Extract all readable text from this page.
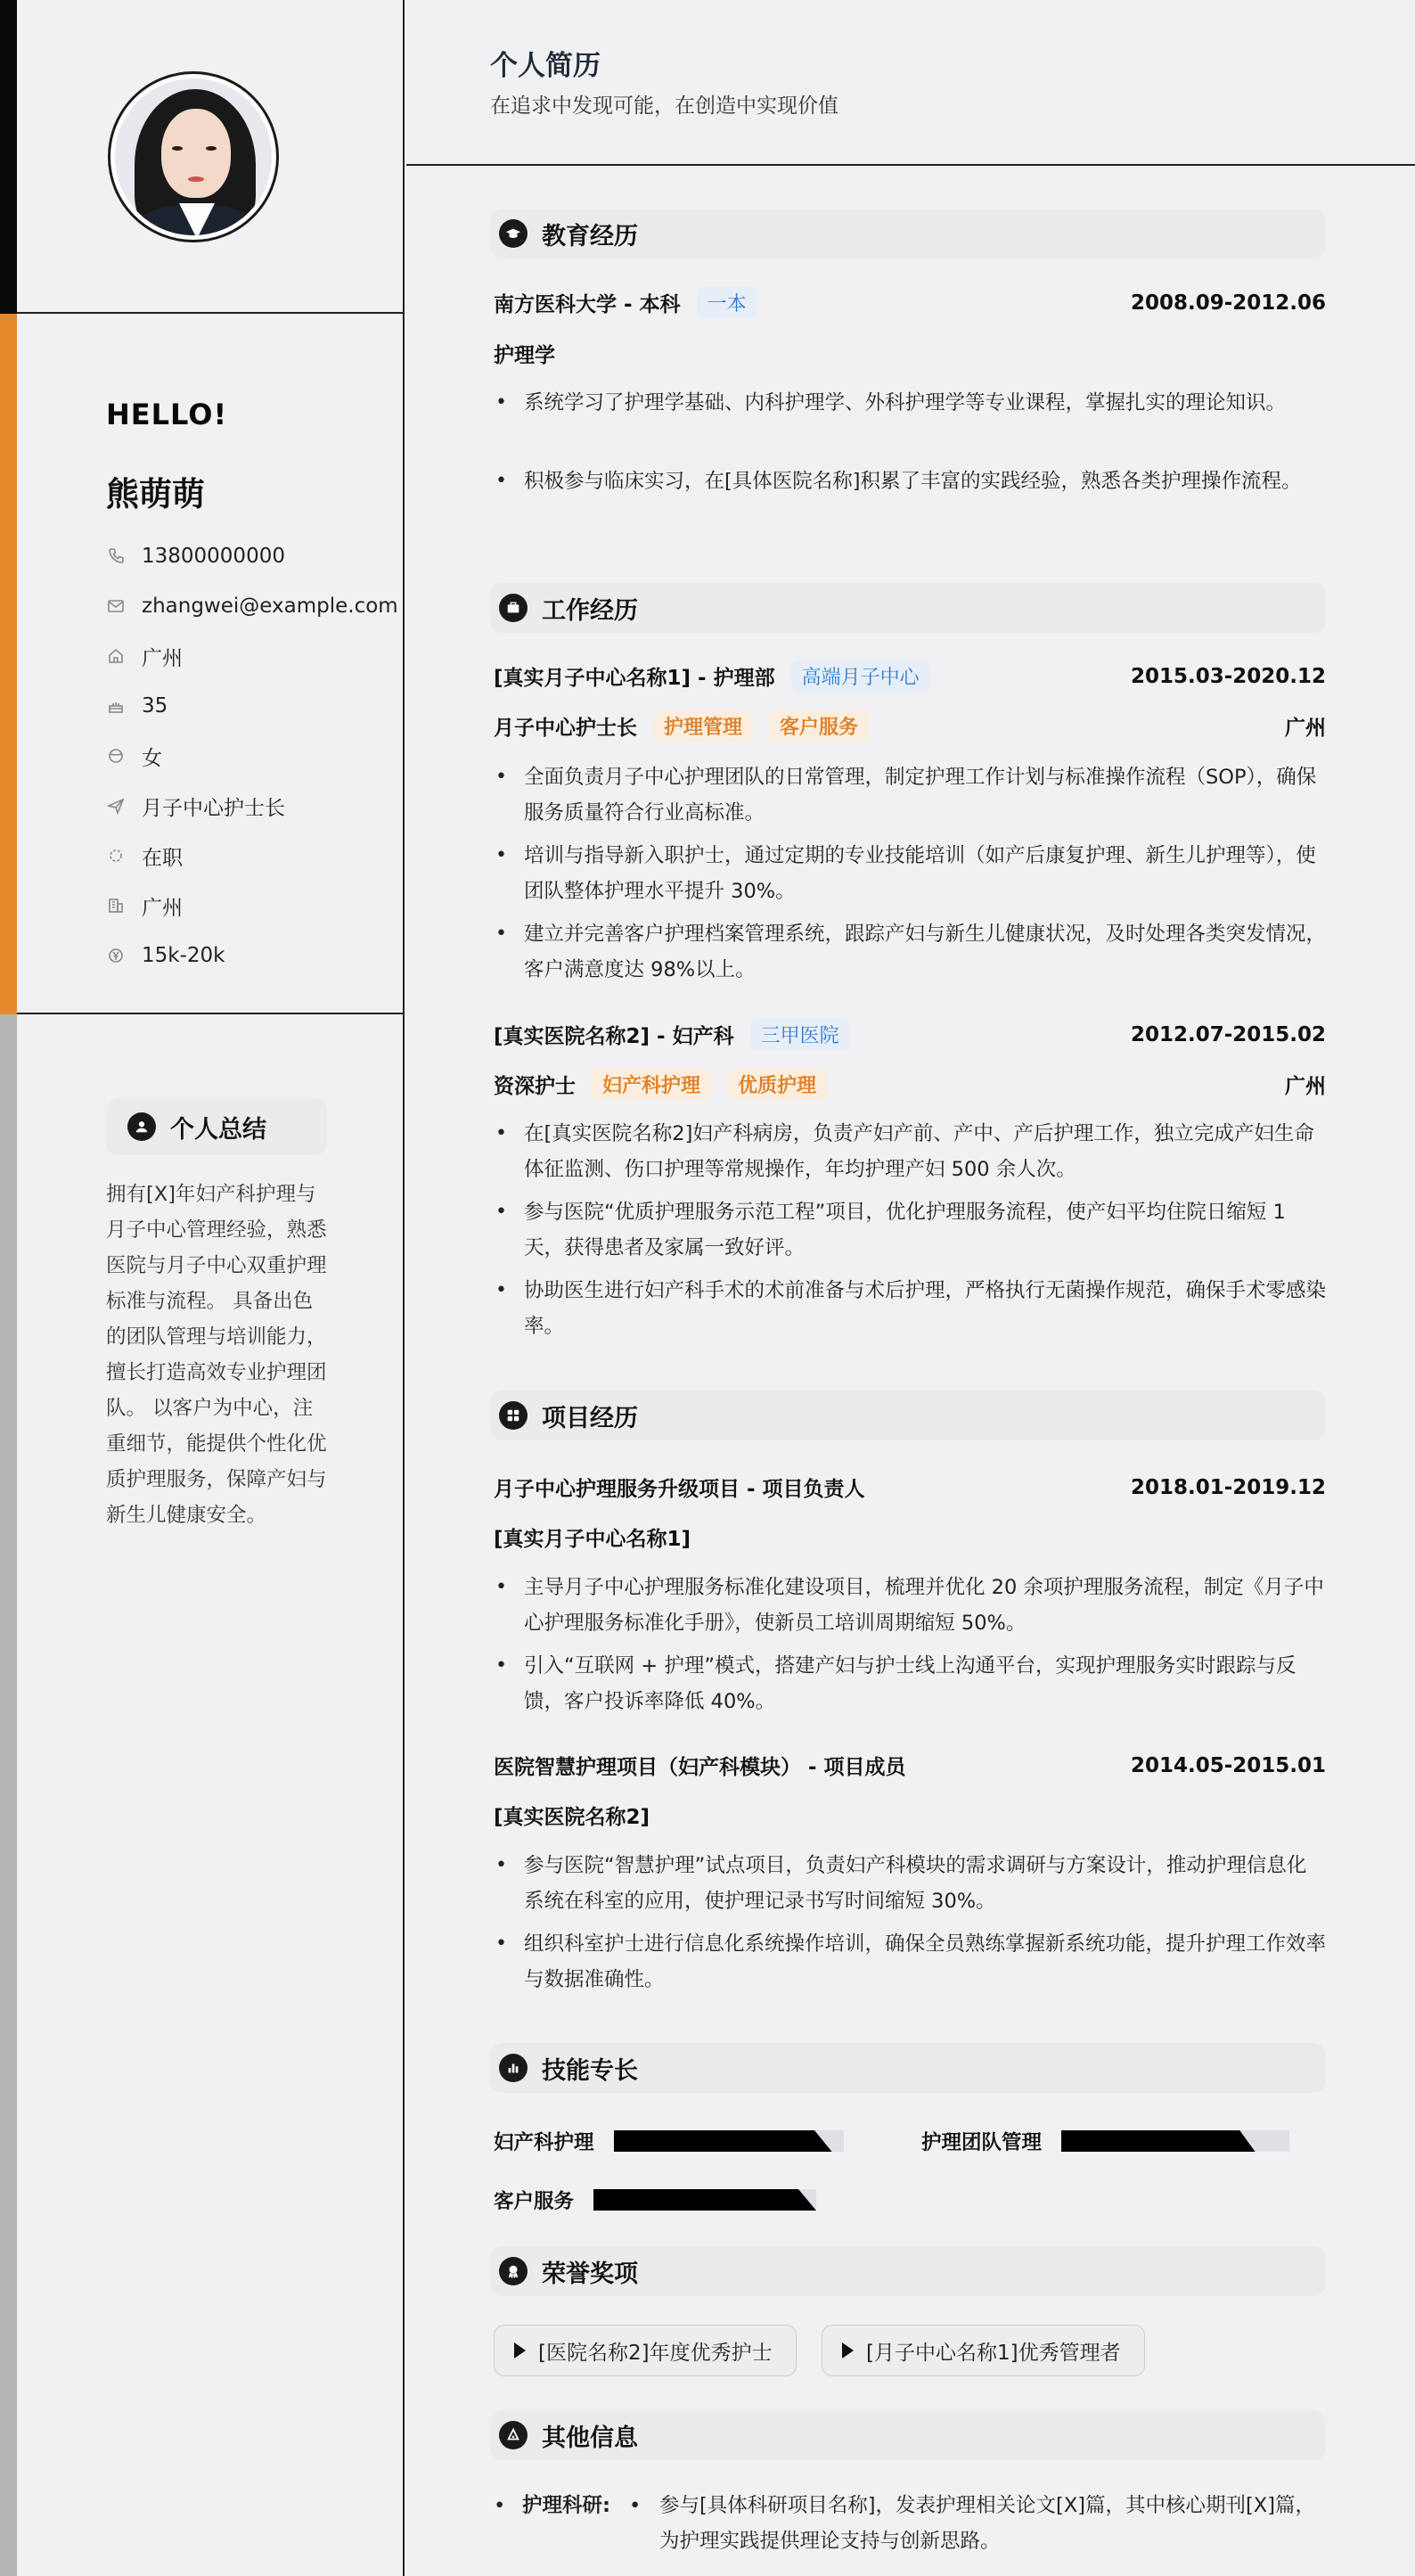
HELLO!
熊萌萌
13800000000
zhangwei@example.com
广州
35
女
月子中心护士长
在职
广州
15k-20k
个人总结
拥有[X]年妇产科护理与月子中心管理经验，熟悉医院与月子中心双重护理标准与流程。 具备出色的团队管理与培训能力，擅长打造高效专业护理团队。 以客户为中心，注重细节，能提供个性化优质护理服务，保障产妇与新生儿健康安全。
个人简历
在追求中发现可能，在创造中实现价值
教育经历
南方医科大学 - 本科	一本	2008.09-2012.06
护理学
• 系统学习了护理学基础、内科护理学、外科护理学等专业课程，掌握扎实的理论知识。
• 积极参与临床实习，在[具体医院名称]积累了丰富的实践经验，熟悉各类护理操作流程。
工作经历
[真实月子中心名称1] - 护理部	高端月子中心	2015.03-2020.12
月子中心护士长	护理管理	客户服务	广州
• 全面负责月子中心护理团队的日常管理，制定护理工作计划与标准操作流程（SOP），确保服务质量符合行业高标准。
• 培训与指导新入职护士，通过定期的专业技能培训（如产后康复护理、新生儿护理等），使团队整体护理水平提升 30%。
• 建立并完善客户护理档案管理系统，跟踪产妇与新生儿健康状况，及时处理各类突发情况，客户满意度达 98%以上。
[真实医院名称2] - 妇产科	三甲医院	2012.07-2015.02
资深护士	妇产科护理	优质护理	广州
• 在[真实医院名称2]妇产科病房，负责产妇产前、产中、产后护理工作，独立完成产妇生命体征监测、伤口护理等常规操作，年均护理产妇 500 余人次。
• 参与医院“优质护理服务示范工程”项目，优化护理服务流程，使产妇平均住院日缩短 1 天，获得患者及家属一致好评。
• 协助医生进行妇产科手术的术前准备与术后护理，严格执行无菌操作规范，确保手术零感染率。
项目经历
月子中心护理服务升级项目 - 项目负责人	2018.01-2019.12
[真实月子中心名称1]
• 主导月子中心护理服务标准化建设项目，梳理并优化 20 余项护理服务流程，制定《月子中心护理服务标准化手册》，使新员工培训周期缩短 50%。
• 引入“互联网 + 护理”模式，搭建产妇与护士线上沟通平台，实现护理服务实时跟踪与反馈，客户投诉率降低 40%。
医院智慧护理项目（妇产科模块） - 项目成员	2014.05-2015.01
[真实医院名称2]
• 参与医院“智慧护理”试点项目，负责妇产科模块的需求调研与方案设计，推动护理信息化系统在科室的应用，使护理记录书写时间缩短 30%。
• 组织科室护士进行信息化系统操作培训，确保全员熟练掌握新系统功能，提升护理工作效率与数据准确性。
技能专长
妇产科护理	护理团队管理
客户服务
荣誉奖项
[医院名称2]年度优秀护士	[月子中心名称1]优秀管理者
其他信息
• 护理科研:
•	参与[具体科研项目名称]，发表护理相关论文[X]篇，其中核心期刊[X]篇，为护理实践提供理论支持与创新思路。
